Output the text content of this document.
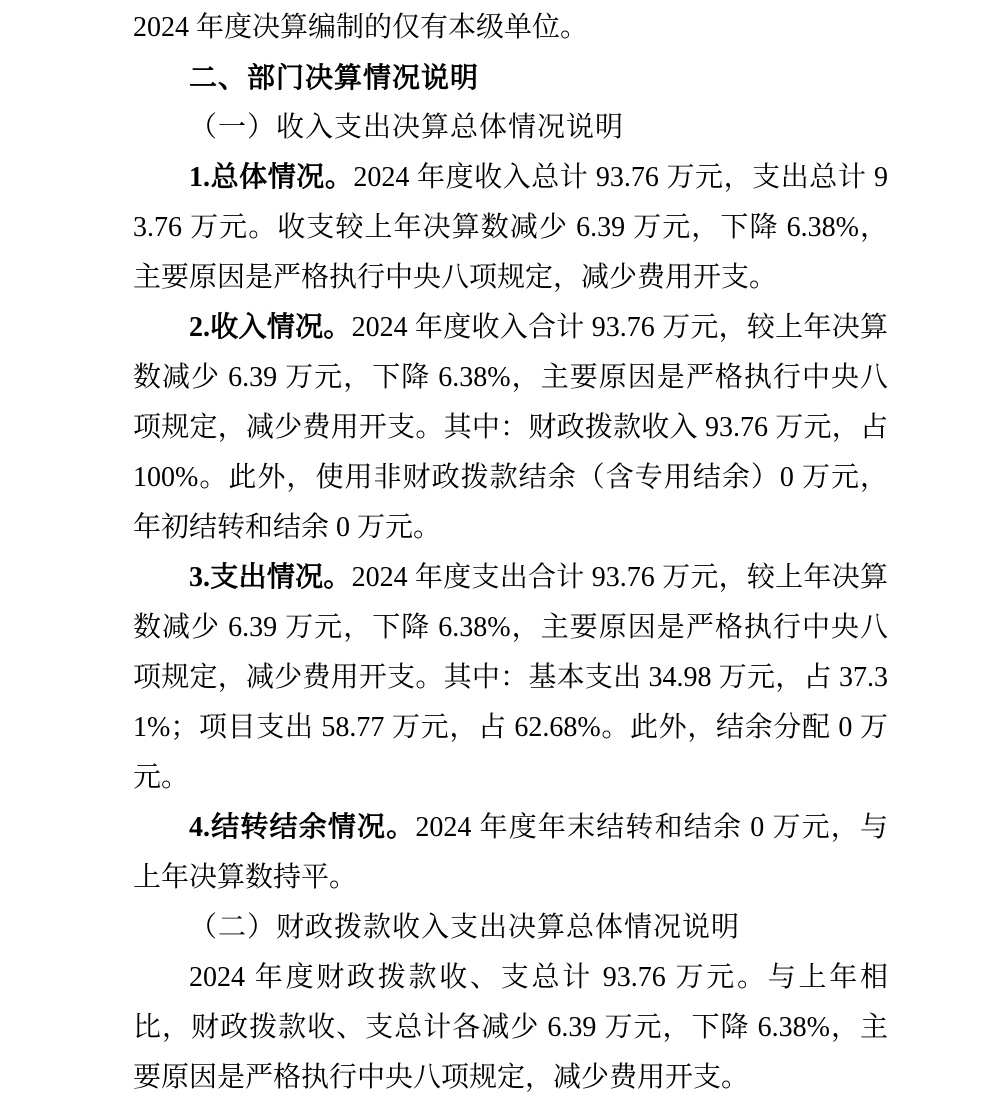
2024 年度决算编制的仅有本级单位。

二、部门决算情况说明

（一）收入支出决算总体情况说明

1.总体情况。2024 年度收入总计 93.76 万元，支出总计 93.76 万元。收支较上年决算数减少 6.39 万元，下降 6.38%，主要原因是严格执行中央八项规定，减少费用开支。

2.收入情况。2024 年度收入合计 93.76 万元，较上年决算数减少 6.39 万元，下降 6.38%，主要原因是严格执行中央八项规定，减少费用开支。其中：财政拨款收入 93.76 万元，占 100%。此外，使用非财政拨款结余（含专用结余）0 万元，年初结转和结余 0 万元。

3.支出情况。2024 年度支出合计 93.76 万元，较上年决算数减少 6.39 万元，下降 6.38%，主要原因是严格执行中央八项规定，减少费用开支。其中：基本支出 34.98 万元，占 37.31%；项目支出 58.77 万元，占 62.68%。此外，结余分配 0 万元。

4.结转结余情况。2024 年度年末结转和结余 0 万元，与上年决算数持平。

（二）财政拨款收入支出决算总体情况说明

2024 年度财政拨款收、支总计 93.76 万元。与上年相比，财政拨款收、支总计各减少 6.39 万元，下降 6.38%，主要原因是严格执行中央八项规定，减少费用开支。
